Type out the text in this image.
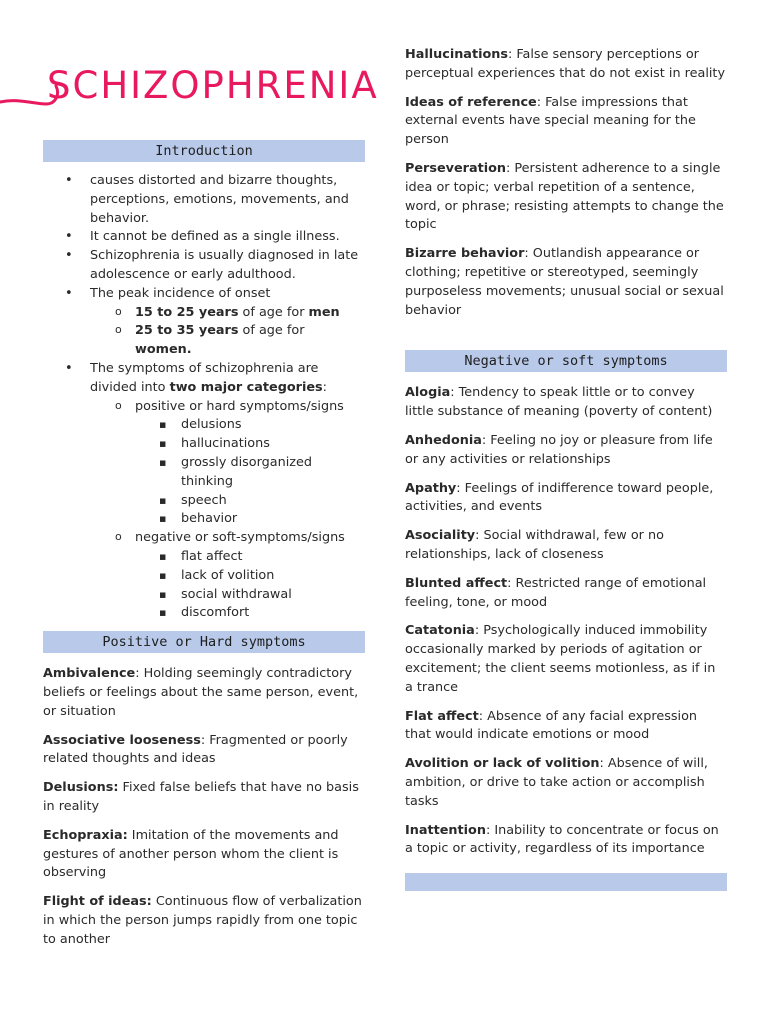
SCHIZOPHRENIA
Introduction
• causes distorted and bizarre thoughts, perceptions, emotions, movements, and behavior.
• It cannot be defined as a single illness.
• Schizophrenia is usually diagnosed in late adolescence or early adulthood.
• The peak incidence of onset
o 15 to 25 years of age for men
o 25 to 35 years of age for women.
• The symptoms of schizophrenia are divided into two major categories:
o positive or hard symptoms/signs
▪ delusions
▪ hallucinations
▪ grossly disorganized thinking
▪ speech
▪ behavior
o negative or soft-symptoms/signs
▪ flat affect
▪ lack of volition
▪ social withdrawal
▪ discomfort
Positive or Hard symptoms
Ambivalence: Holding seemingly contradictory beliefs or feelings about the same person, event, or situation
Associative looseness: Fragmented or poorly related thoughts and ideas
Delusions: Fixed false beliefs that have no basis in reality
Echopraxia: Imitation of the movements and gestures of another person whom the client is observing
Flight of ideas: Continuous flow of verbalization in which the person jumps rapidly from one topic to another
Hallucinations: False sensory perceptions or perceptual experiences that do not exist in reality
Ideas of reference: False impressions that external events have special meaning for the person
Perseveration: Persistent adherence to a single idea or topic; verbal repetition of a sentence, word, or phrase; resisting attempts to change the topic
Bizarre behavior: Outlandish appearance or clothing; repetitive or stereotyped, seemingly purposeless movements; unusual social or sexual behavior
Negative or soft symptoms
Alogia: Tendency to speak little or to convey little substance of meaning (poverty of content)
Anhedonia: Feeling no joy or pleasure from life or any activities or relationships
Apathy: Feelings of indifference toward people, activities, and events
Asociality: Social withdrawal, few or no relationships, lack of closeness
Blunted affect: Restricted range of emotional feeling, tone, or mood
Catatonia: Psychologically induced immobility occasionally marked by periods of agitation or excitement; the client seems motionless, as if in a trance
Flat affect: Absence of any facial expression that would indicate emotions or mood
Avolition or lack of volition: Absence of will, ambition, or drive to take action or accomplish tasks
Inattention: Inability to concentrate or focus on a topic or activity, regardless of its importance
